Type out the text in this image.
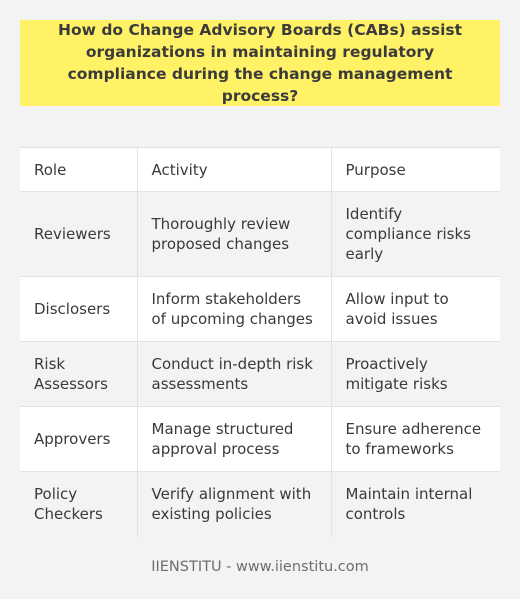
How do Change Advisory Boards (CABs) assist organizations in maintaining regulatory compliance during the change management process?
Role	Activity	Purpose
Reviewers	Thoroughly review proposed changes	Identify compliance risks early
Disclosers	Inform stakeholders of upcoming changes	Allow input to avoid issues
Risk Assessors	Conduct in-depth risk assessments	Proactively mitigate risks
Approvers	Manage structured approval process	Ensure adherence to frameworks
Policy Checkers	Verify alignment with existing policies	Maintain internal controls
IIENSTITU - www.iienstitu.com
